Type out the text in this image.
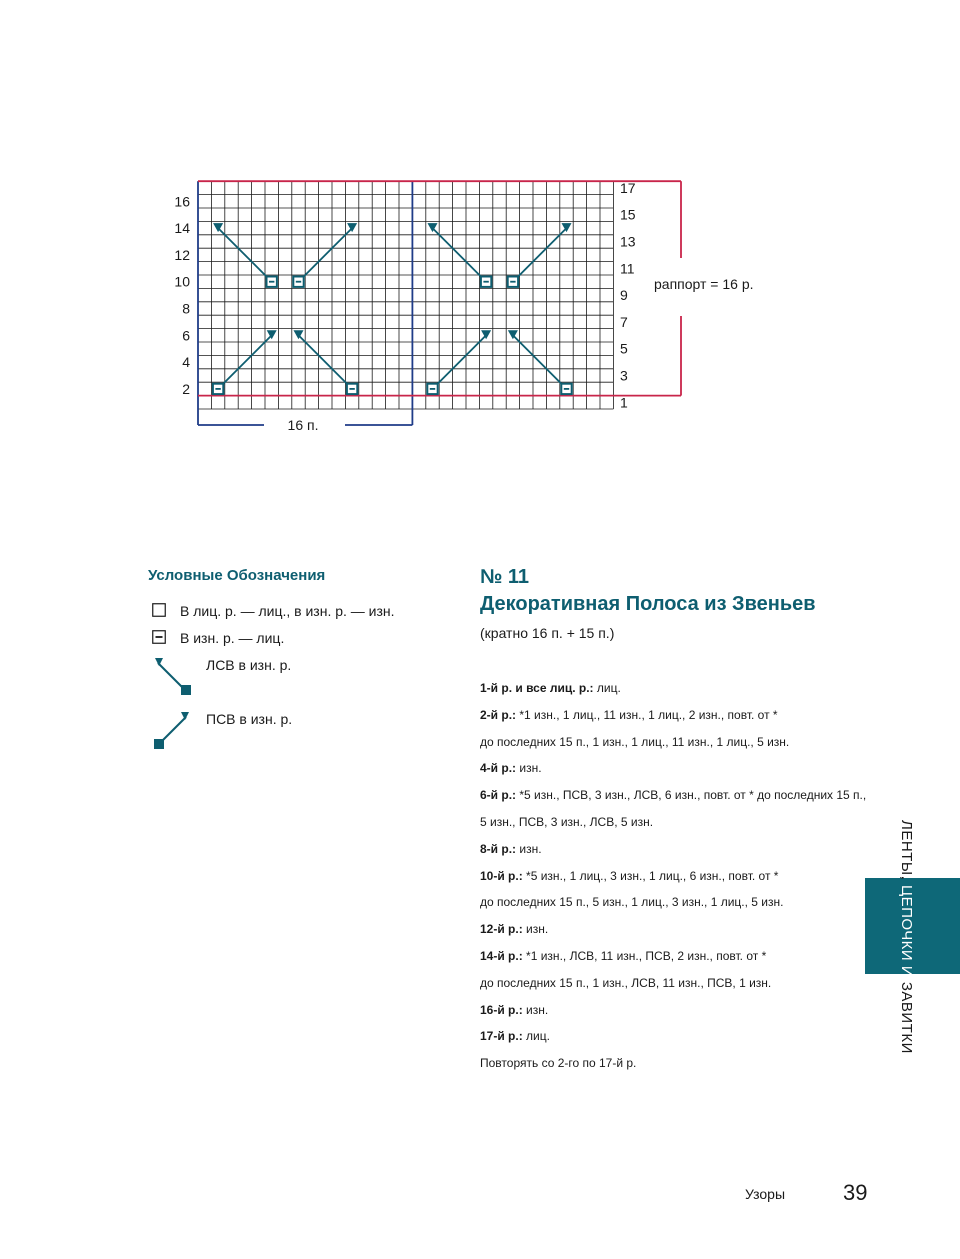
16 п.
раппорт = 16 р.
2
4
6
8
10
12
14
16
1
3
5
7
9
11
13
15
17
Условные Обозначения
В лиц. р. — лиц., в изн. р. — изн.
В изн. р. — лиц.
ЛСВ в изн. р.
ПСВ в изн. р.
№ 11
Декоративная Полоса из Звеньев
(кратно 16 п. + 15 п.)
1-й р. и все лиц. р.: лиц.
2-й р.: *1 изн., 1 лиц., 11 изн., 1 лиц., 2 изн., повт. от *
до последних 15 п., 1 изн., 1 лиц., 11 изн., 1 лиц., 5 изн.
4-й р.: изн.
6-й р.: *5 изн., ПСВ, 3 изн., ЛСВ, 6 изн., повт. от * до последних 15 п.,
5 изн., ПСВ, 3 изн., ЛСВ, 5 изн.
8-й р.: изн.
10-й р.: *5 изн., 1 лиц., 3 изн., 1 лиц., 6 изн., повт. от *
до последних 15 п., 5 изн., 1 лиц., 3 изн., 1 лиц., 5 изн.
12-й р.: изн.
14-й р.: *1 изн., ЛСВ, 11 изн., ПСВ, 2 изн., повт. от *
до последних 15 п., 1 изн., ЛСВ, 11 изн., ПСВ, 1 изн.
16-й р.: изн.
17-й р.: лиц.
Повторять со 2-го по 17-й р.
ЛЕНТЫ, ЦЕПОЧКИ И ЗАВИТКИ
Узоры	39
